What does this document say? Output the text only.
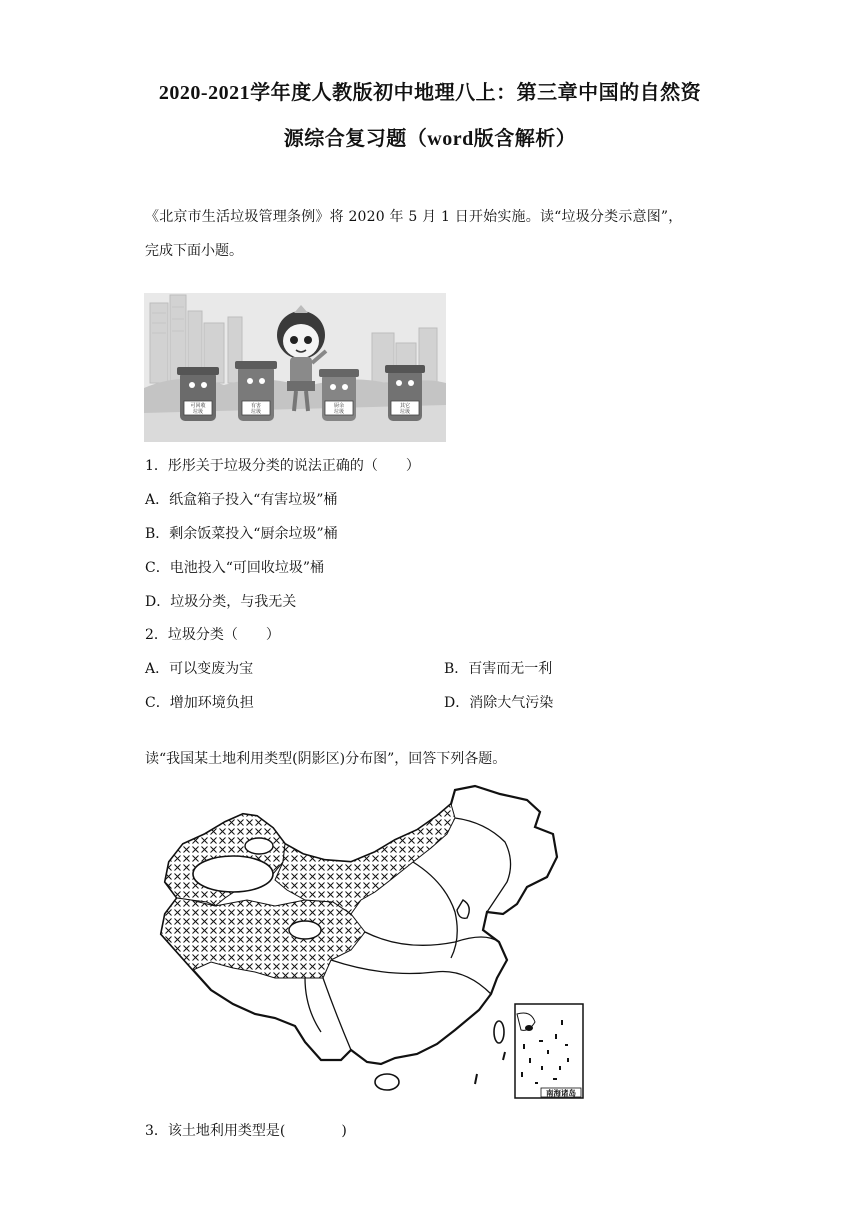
2020-2021学年度人教版初中地理八上：第三章中国的自然资
源综合复习题（word版含解析）
《北京市生活垃圾管理条例》将 2020 年 5 月 1 日开始实施。读“垃圾分类示意图”，
完成下面小题。
可回收
垃圾
有害
垃圾
厨余
垃圾
其它
垃圾
1．彤彤关于垃圾分类的说法正确的（　　）
A．纸盒箱子投入“有害垃圾”桶
B．剩余饭菜投入“厨余垃圾”桶
C．电池投入“可回收垃圾”桶
D．垃圾分类，与我无关
2．垃圾分类（　　）
A．可以变废为宝	B．百害而无一利
C．增加环境负担	D．消除大气污染
读“我国某土地利用类型(阴影区)分布图”，回答下列各题。
南海诸岛
3．该土地利用类型是(　　　　)
